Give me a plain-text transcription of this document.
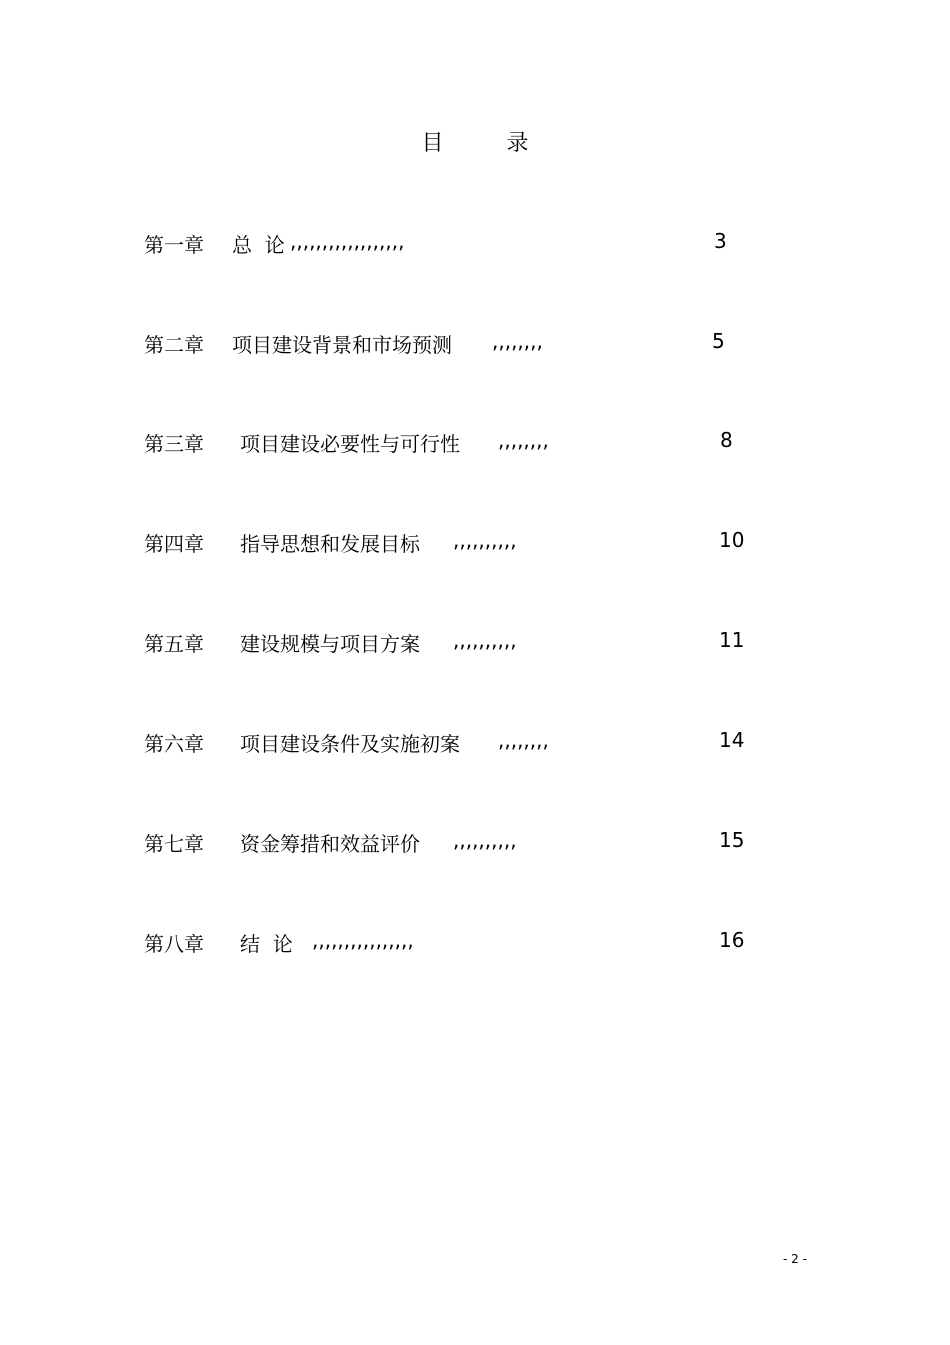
目 录
第一章 总  论 ,,,,,,,,,,,,,,,,,,	3
第二章 项目建设背景和市场预测 ,,,,,,,,	5
第三章 项目建设必要性与可行性 ,,,,,,,,	8
第四章 指导思想和发展目标 ,,,,,,,,,,	10
第五章 建设规模与项目方案 ,,,,,,,,,,	11
第六章 项目建设条件及实施初案 ,,,,,,,,	14
第七章 资金筹措和效益评价 ,,,,,,,,,,	15
第八章 结  论 ,,,,,,,,,,,,,,,,	16
- 2 -
